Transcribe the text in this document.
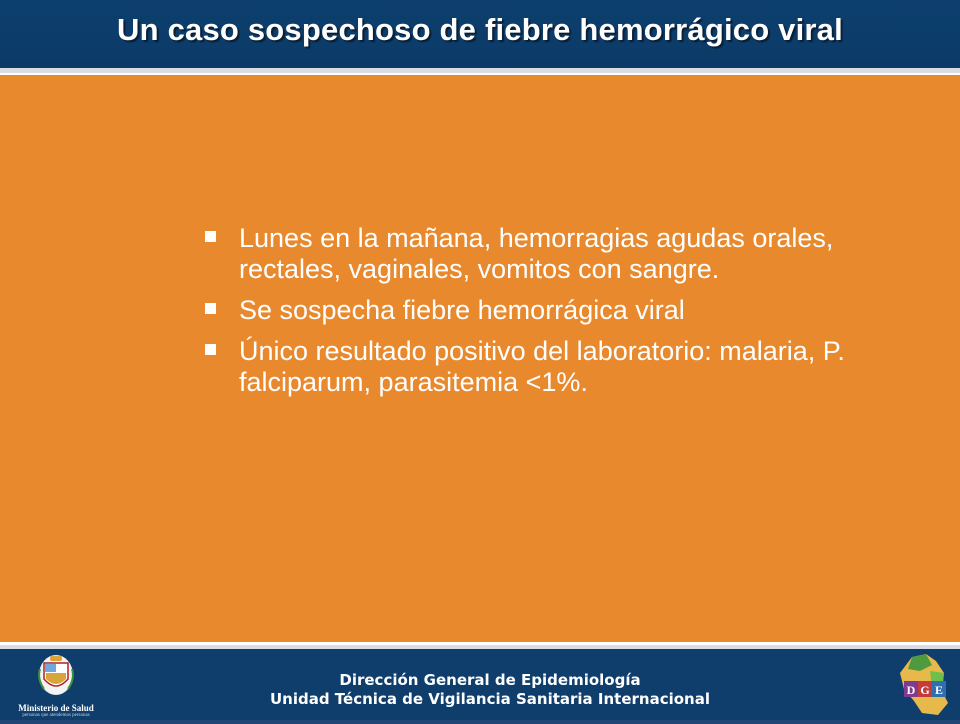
Un caso sospechoso de fiebre hemorrágico viral
Lunes en la mañana, hemorragias agudas orales, rectales, vaginales, vomitos con sangre.
Se sospecha fiebre hemorrágica viral
Único resultado positivo del laboratorio: malaria, P. falciparum, parasitemia <1%.
Ministerio de Salud
personas que atendemos personas
Dirección General de Epidemiología
Unidad Técnica de Vigilancia Sanitaria Internacional	D G E
